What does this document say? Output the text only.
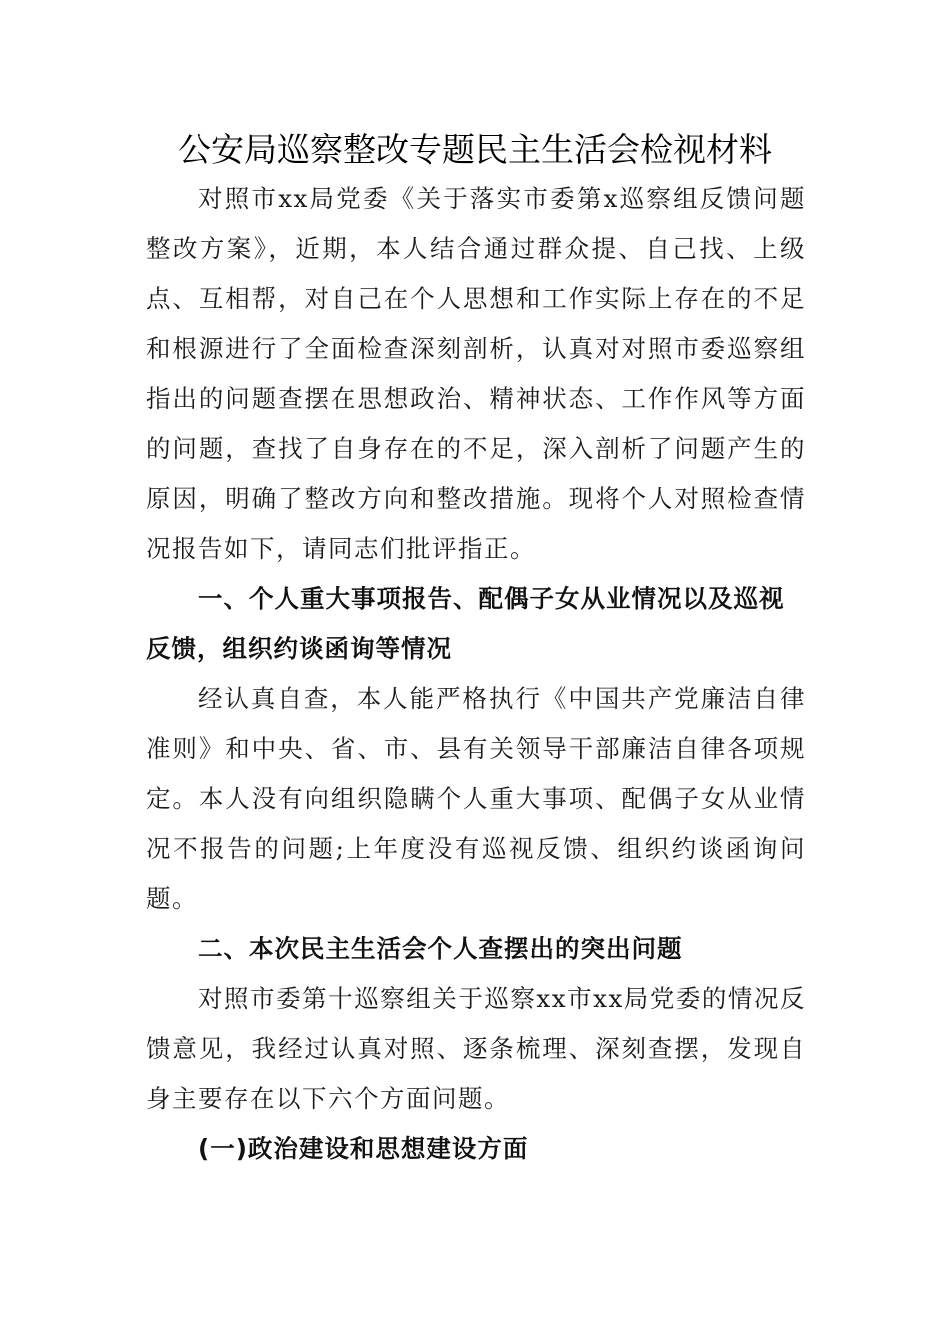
公安局巡察整改专题民主生活会检视材料

对照市xx局党委《关于落实市委第x巡察组反馈问题整改方案》，近期，本人结合通过群众提、自己找、上级点、互相帮，对自己在个人思想和工作实际上存在的不足和根源进行了全面检查深刻剖析，认真对对照市委巡察组指出的问题查摆在思想政治、精神状态、工作作风等方面的问题，查找了自身存在的不足，深入剖析了问题产生的原因，明确了整改方向和整改措施。现将个人对照检查情况报告如下，请同志们批评指正。

一、个人重大事项报告、配偶子女从业情况以及巡视反馈，组织约谈函询等情况

经认真自查，本人能严格执行《中国共产党廉洁自律准则》和中央、省、市、县有关领导干部廉洁自律各项规定。本人没有向组织隐瞒个人重大事项、配偶子女从业情况不报告的问题;上年度没有巡视反馈、组织约谈函询问题。

二、本次民主生活会个人查摆出的突出问题

对照市委第十巡察组关于巡察xx市xx局党委的情况反馈意见，我经过认真对照、逐条梳理、深刻查摆，发现自身主要存在以下六个方面问题。

(一)政治建设和思想建设方面
